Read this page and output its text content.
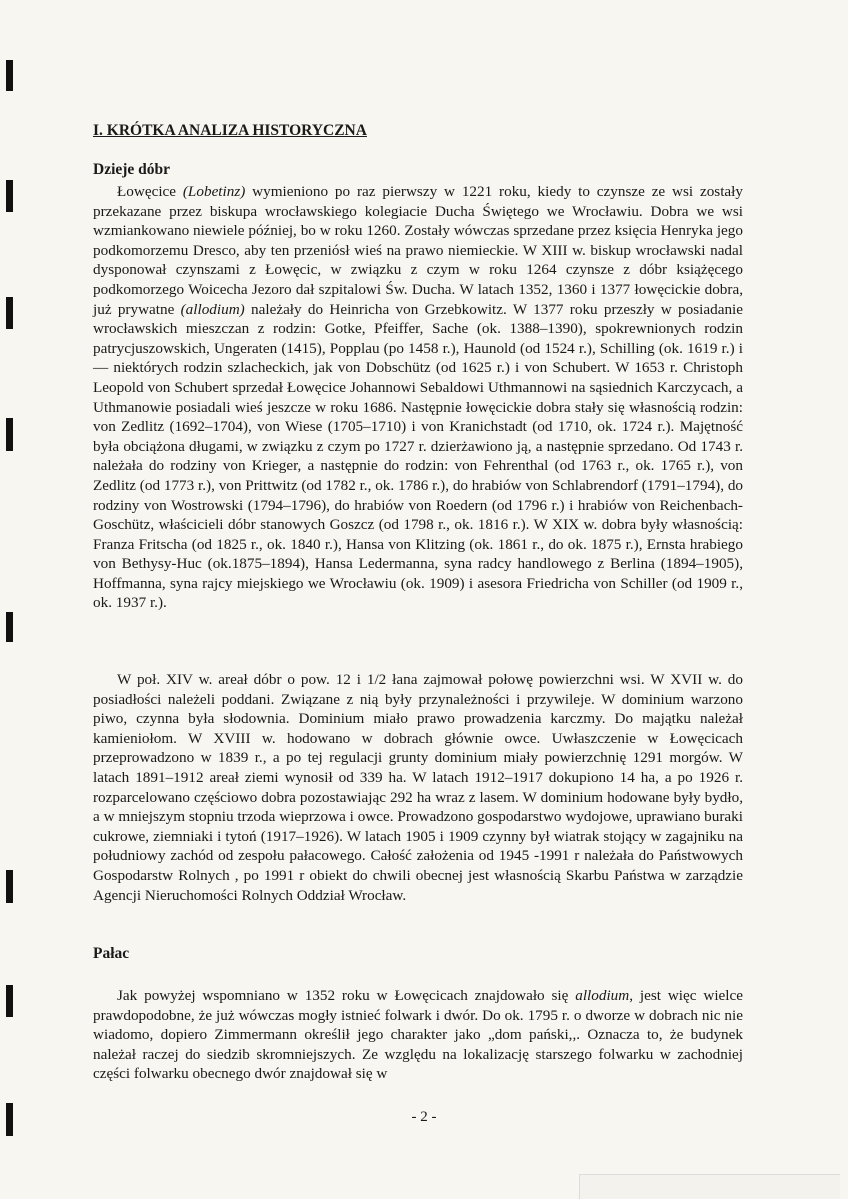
I. KRÓTKA ANALIZA HISTORYCZNA
Dzieje dóbr

Łowęcice (Lobetinz) wymieniono po raz pierwszy w 1221 roku, kiedy to czynsze ze wsi zostały przekazane przez biskupa wrocławskiego kolegiacie Ducha Świętego we Wrocławiu. Dobra we wsi wzmiankowano niewiele później, bo w roku 1260. Zostały wówczas sprzedane przez księcia Henryka jego podkomorzemu Dresco, aby ten przeniósł wieś na prawo niemieckie. W XIII w. biskup wrocławski nadal dysponował czynszami z Łowęcic, w związku z czym w roku 1264 czynsze z dóbr książęcego podkomorzego Woicecha Jezoro dał szpitalowi Św. Ducha. W latach 1352, 1360 i 1377 łowęcickie dobra, już prywatne (allodium) należały do Heinricha von Grzebkowitz. W 1377 roku przeszły w posiadanie wrocławskich mieszczan z rodzin: Gotke, Pfeiffer, Sache (ok. 1388–1390), spokrewnionych rodzin patrycjuszowskich, Ungeraten (1415), Popplau (po 1458 r.), Haunold (od 1524 r.), Schilling (ok. 1619 r.) i — niektórych rodzin szlacheckich, jak von Dobschütz (od 1625 r.) i von Schubert. W 1653 r. Christoph Leopold von Schubert sprzedał Łowęcice Johannowi Sebaldowi Uthmannowi na sąsiednich Karczycach, a Uthmanowie posiadali wieś jeszcze w roku 1686. Następnie łowęcickie dobra stały się własnością rodzin: von Zedlitz (1692–1704), von Wiese (1705–1710) i von Kranichstadt (od 1710, ok. 1724 r.). Majętność była obciążona długami, w związku z czym po 1727 r. dzierżawiono ją, a następnie sprzedano. Od 1743 r. należała do rodziny von Krieger, a następnie do rodzin: von Fehrenthal (od 1763 r., ok. 1765 r.), von Zedlitz (od 1773 r.), von Prittwitz (od 1782 r., ok. 1786 r.), do hrabiów von Schlabrendorf (1791–1794), do rodziny von Wostrowski (1794–1796), do hrabiów von Roedern (od 1796 r.) i hrabiów von Reichenbach-Goschütz, właścicieli dóbr stanowych Goszcz (od 1798 r., ok. 1816 r.). W XIX w. dobra były własnością: Franza Fritscha (od 1825 r., ok. 1840 r.), Hansa von Klitzing (ok. 1861 r., do ok. 1875 r.), Ernsta hrabiego von Bethysy-Huc (ok.1875–1894), Hansa Ledermanna, syna radcy handlowego z Berlina (1894–1905), Hoffmanna, syna rajcy miejskiego we Wrocławiu (ok. 1909) i asesora Friedricha von Schiller (od 1909 r., ok. 1937 r.).

W poł. XIV w. areał dóbr o pow. 12 i 1/2 łana zajmował połowę powierzchni wsi. W XVII w. do posiadłości należeli poddani. Związane z nią były przynależności i przywileje. W dominium warzono piwo, czynna była słodownia. Dominium miało prawo prowadzenia karczmy. Do majątku należał kamieniołom. W XVIII w. hodowano w dobrach głównie owce. Uwłaszczenie w Łowęcicach przeprowadzono w 1839 r., a po tej regulacji grunty dominium miały powierzchnię 1291 morgów. W latach 1891–1912 areał ziemi wynosił od 339 ha. W latach 1912–1917 dokupiono 14 ha, a po 1926 r. rozparcelowano częściowo dobra pozostawiając 292 ha wraz z lasem. W dominium hodowane były bydło, a w mniejszym stopniu trzoda wieprzowa i owce. Prowadzono gospodarstwo wydojowe, uprawiano buraki cukrowe, ziemniaki i tytoń (1917–1926). W latach 1905 i 1909 czynny był wiatrak stojący w zagajniku na południowy zachód od zespołu pałacowego. Całość założenia od 1945 -1991 r należała do Państwowych Gospodarstw Rolnych , po 1991 r obiekt do chwili obecnej jest własnością Skarbu Państwa w zarządzie Agencji Nieruchomości Rolnych Oddział Wrocław.

Pałac

Jak powyżej wspomniano w 1352 roku w Łowęcicach znajdowało się allodium, jest więc wielce prawdopodobne, że już wówczas mogły istnieć folwark i dwór. Do ok. 1795 r. o dworze w dobrach nic nie wiadomo, dopiero Zimmermann określił jego charakter jako „dom pański,,. Oznacza to, że budynek należał raczej do siedzib skromniejszych. Ze względu na lokalizację starszego folwarku w zachodniej części folwarku obecnego dwór znajdował się w

- 2 -
